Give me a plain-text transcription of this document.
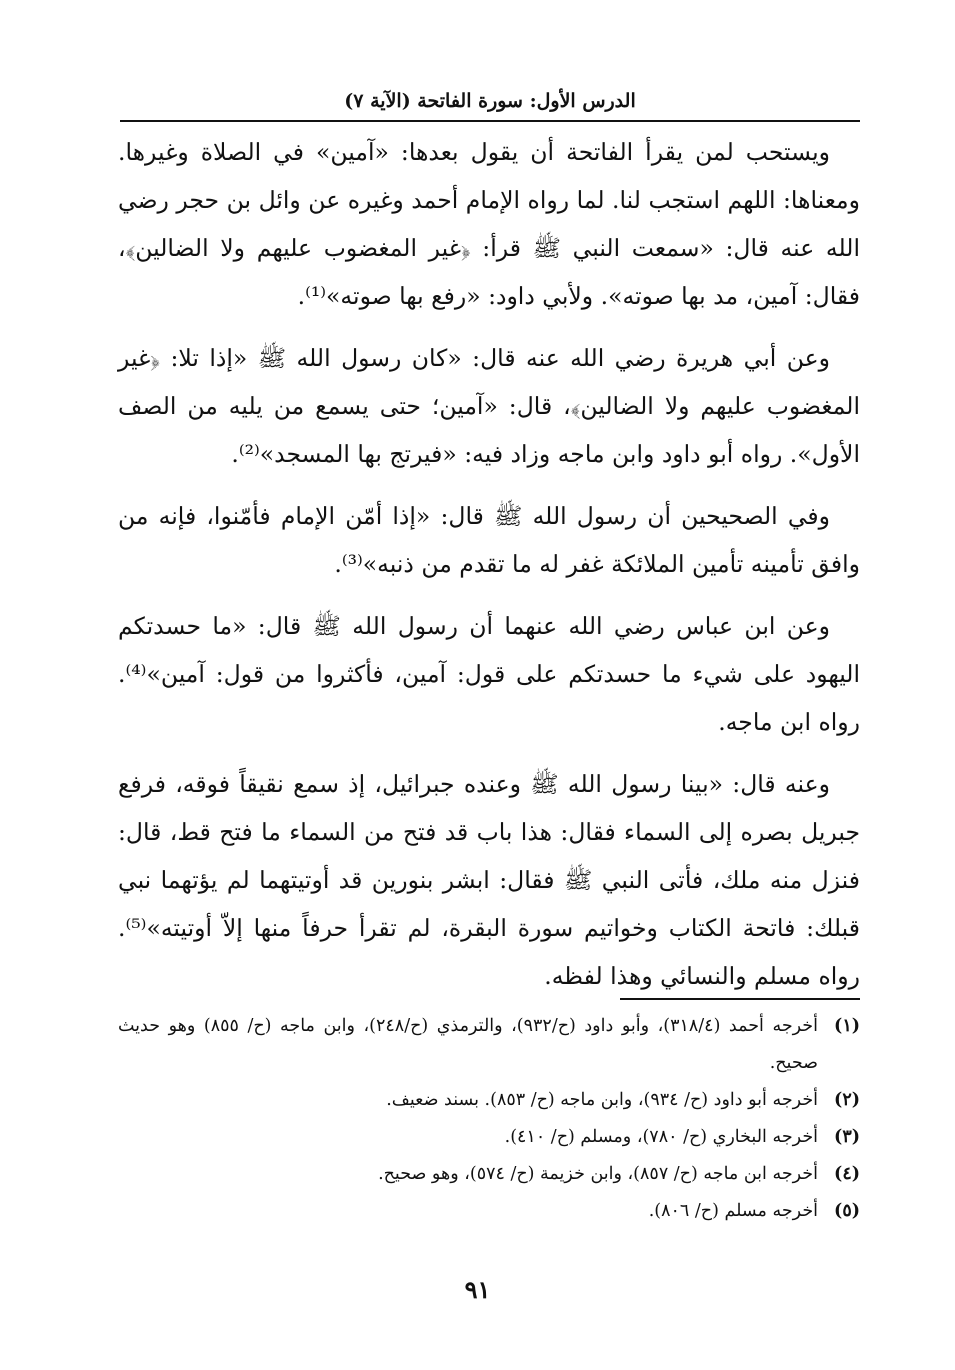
الدرس الأول: سورة الفاتحة (الآية ٧)

ويستحب لمن يقرأ الفاتحة أن يقول بعدها: «آمين» في الصلاة وغيرها. ومعناها: اللهم استجب لنا. لما رواه الإمام أحمد وغيره عن وائل بن حجر رضي الله عنه قال: «سمعت النبي ﷺ قرأ: ﴿غير المغضوب عليهم ولا الضالين﴾، فقال: آمين، مد بها صوته». ولأبي داود: «رفع بها صوته»⁽¹⁾.

وعن أبي هريرة رضي الله عنه قال: «كان رسول الله ﷺ «إذا تلا: ﴿غير المغضوب عليهم ولا الضالين﴾، قال: «آمين؛ حتى يسمع من يليه من الصف الأول». رواه أبو داود وابن ماجه وزاد فيه: «فيرتج بها المسجد»⁽²⁾.

وفي الصحيحين أن رسول الله ﷺ قال: «إذا أمّن الإمام فأمّنوا، فإنه من وافق تأمينه تأمين الملائكة غفر له ما تقدم من ذنبه»⁽³⁾.

وعن ابن عباس رضي الله عنهما أن رسول الله ﷺ قال: «ما حسدتكم اليهود على شيء ما حسدتكم على قول: آمين، فأكثروا من قول: آمين»⁽⁴⁾. رواه ابن ماجه.

وعنه قال: «بينا رسول الله ﷺ وعنده جبرائيل، إذ سمع نقيقاً فوقه، فرفع جبريل بصره إلى السماء فقال: هذا باب قد فتح من السماء ما فتح قط، قال: فنزل منه ملك، فأتى النبي ﷺ فقال: ابشر بنورين قد أوتيتهما لم يؤتهما نبي قبلك: فاتحة الكتاب وخواتيم سورة البقرة، لم تقرأ حرفاً منها إلاّ أوتيته»⁽⁵⁾. رواه مسلم والنسائي وهذا لفظه.

(١)
أخرجه أحمد (٣١٨/٤)، وأبو داود (ح/٩٣٢)، والترمذي (ح/٢٤٨)، وابن ماجه (ح/ ٨٥٥) وهو حديث صحيح.
(٢)
أخرجه أبو داود (ح/ ٩٣٤)، وابن ماجه (ح/ ٨٥٣). بسند ضعيف.
(٣)
أخرجه البخاري (ح/ ٧٨٠)، ومسلم (ح/ ٤١٠).
(٤)
أخرجه ابن ماجه (ح/ ٨٥٧)، وابن خزيمة (ح/ ٥٧٤)، وهو صحيح.
(٥)
أخرجه مسلم (ح/ ٨٠٦).
٩١
